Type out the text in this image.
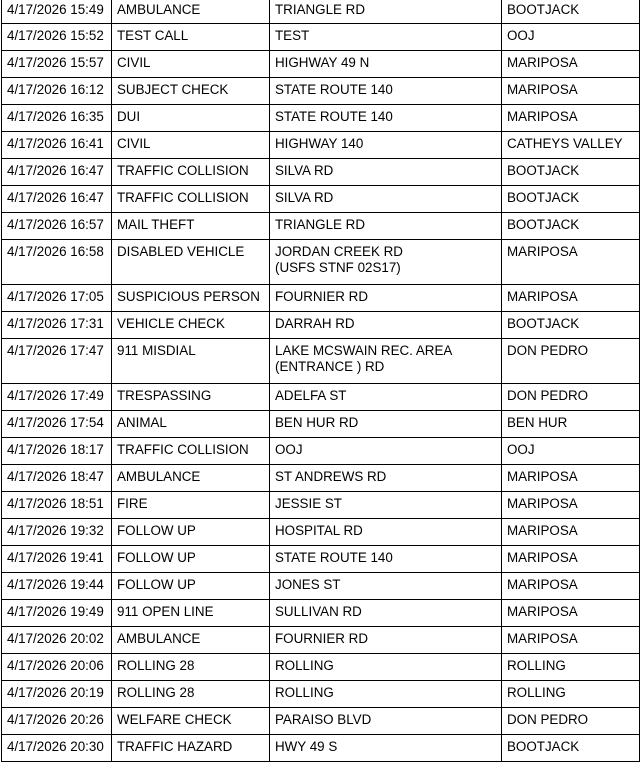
4/17/2026 15:49	AMBULANCE	TRIANGLE RD	BOOTJACK
4/17/2026 15:52	TEST CALL	TEST	OOJ
4/17/2026 15:57	CIVIL	HIGHWAY 49 N	MARIPOSA
4/17/2026 16:12	SUBJECT CHECK	STATE ROUTE 140	MARIPOSA
4/17/2026 16:35	DUI	STATE ROUTE 140	MARIPOSA
4/17/2026 16:41	CIVIL	HIGHWAY 140	CATHEYS VALLEY
4/17/2026 16:47	TRAFFIC COLLISION	SILVA RD	BOOTJACK
4/17/2026 16:47	TRAFFIC COLLISION	SILVA RD	BOOTJACK
4/17/2026 16:57	MAIL THEFT	TRIANGLE RD	BOOTJACK
4/17/2026 16:58	DISABLED VEHICLE	JORDAN CREEK RD
(USFS STNF 02S17)	MARIPOSA
4/17/2026 17:05	SUSPICIOUS PERSON	FOURNIER RD	MARIPOSA
4/17/2026 17:31	VEHICLE CHECK	DARRAH RD	BOOTJACK
4/17/2026 17:47	911 MISDIAL	LAKE MCSWAIN REC. AREA
(ENTRANCE ) RD	DON PEDRO
4/17/2026 17:49	TRESPASSING	ADELFA ST	DON PEDRO
4/17/2026 17:54	ANIMAL	BEN HUR RD	BEN HUR
4/17/2026 18:17	TRAFFIC COLLISION	OOJ	OOJ
4/17/2026 18:47	AMBULANCE	ST ANDREWS RD	MARIPOSA
4/17/2026 18:51	FIRE	JESSIE ST	MARIPOSA
4/17/2026 19:32	FOLLOW UP	HOSPITAL RD	MARIPOSA
4/17/2026 19:41	FOLLOW UP	STATE ROUTE 140	MARIPOSA
4/17/2026 19:44	FOLLOW UP	JONES ST	MARIPOSA
4/17/2026 19:49	911 OPEN LINE	SULLIVAN RD	MARIPOSA
4/17/2026 20:02	AMBULANCE	FOURNIER RD	MARIPOSA
4/17/2026 20:06	ROLLING 28	ROLLING	ROLLING
4/17/2026 20:19	ROLLING 28	ROLLING	ROLLING
4/17/2026 20:26	WELFARE CHECK	PARAISO BLVD	DON PEDRO
4/17/2026 20:30	TRAFFIC HAZARD	HWY 49 S	BOOTJACK
